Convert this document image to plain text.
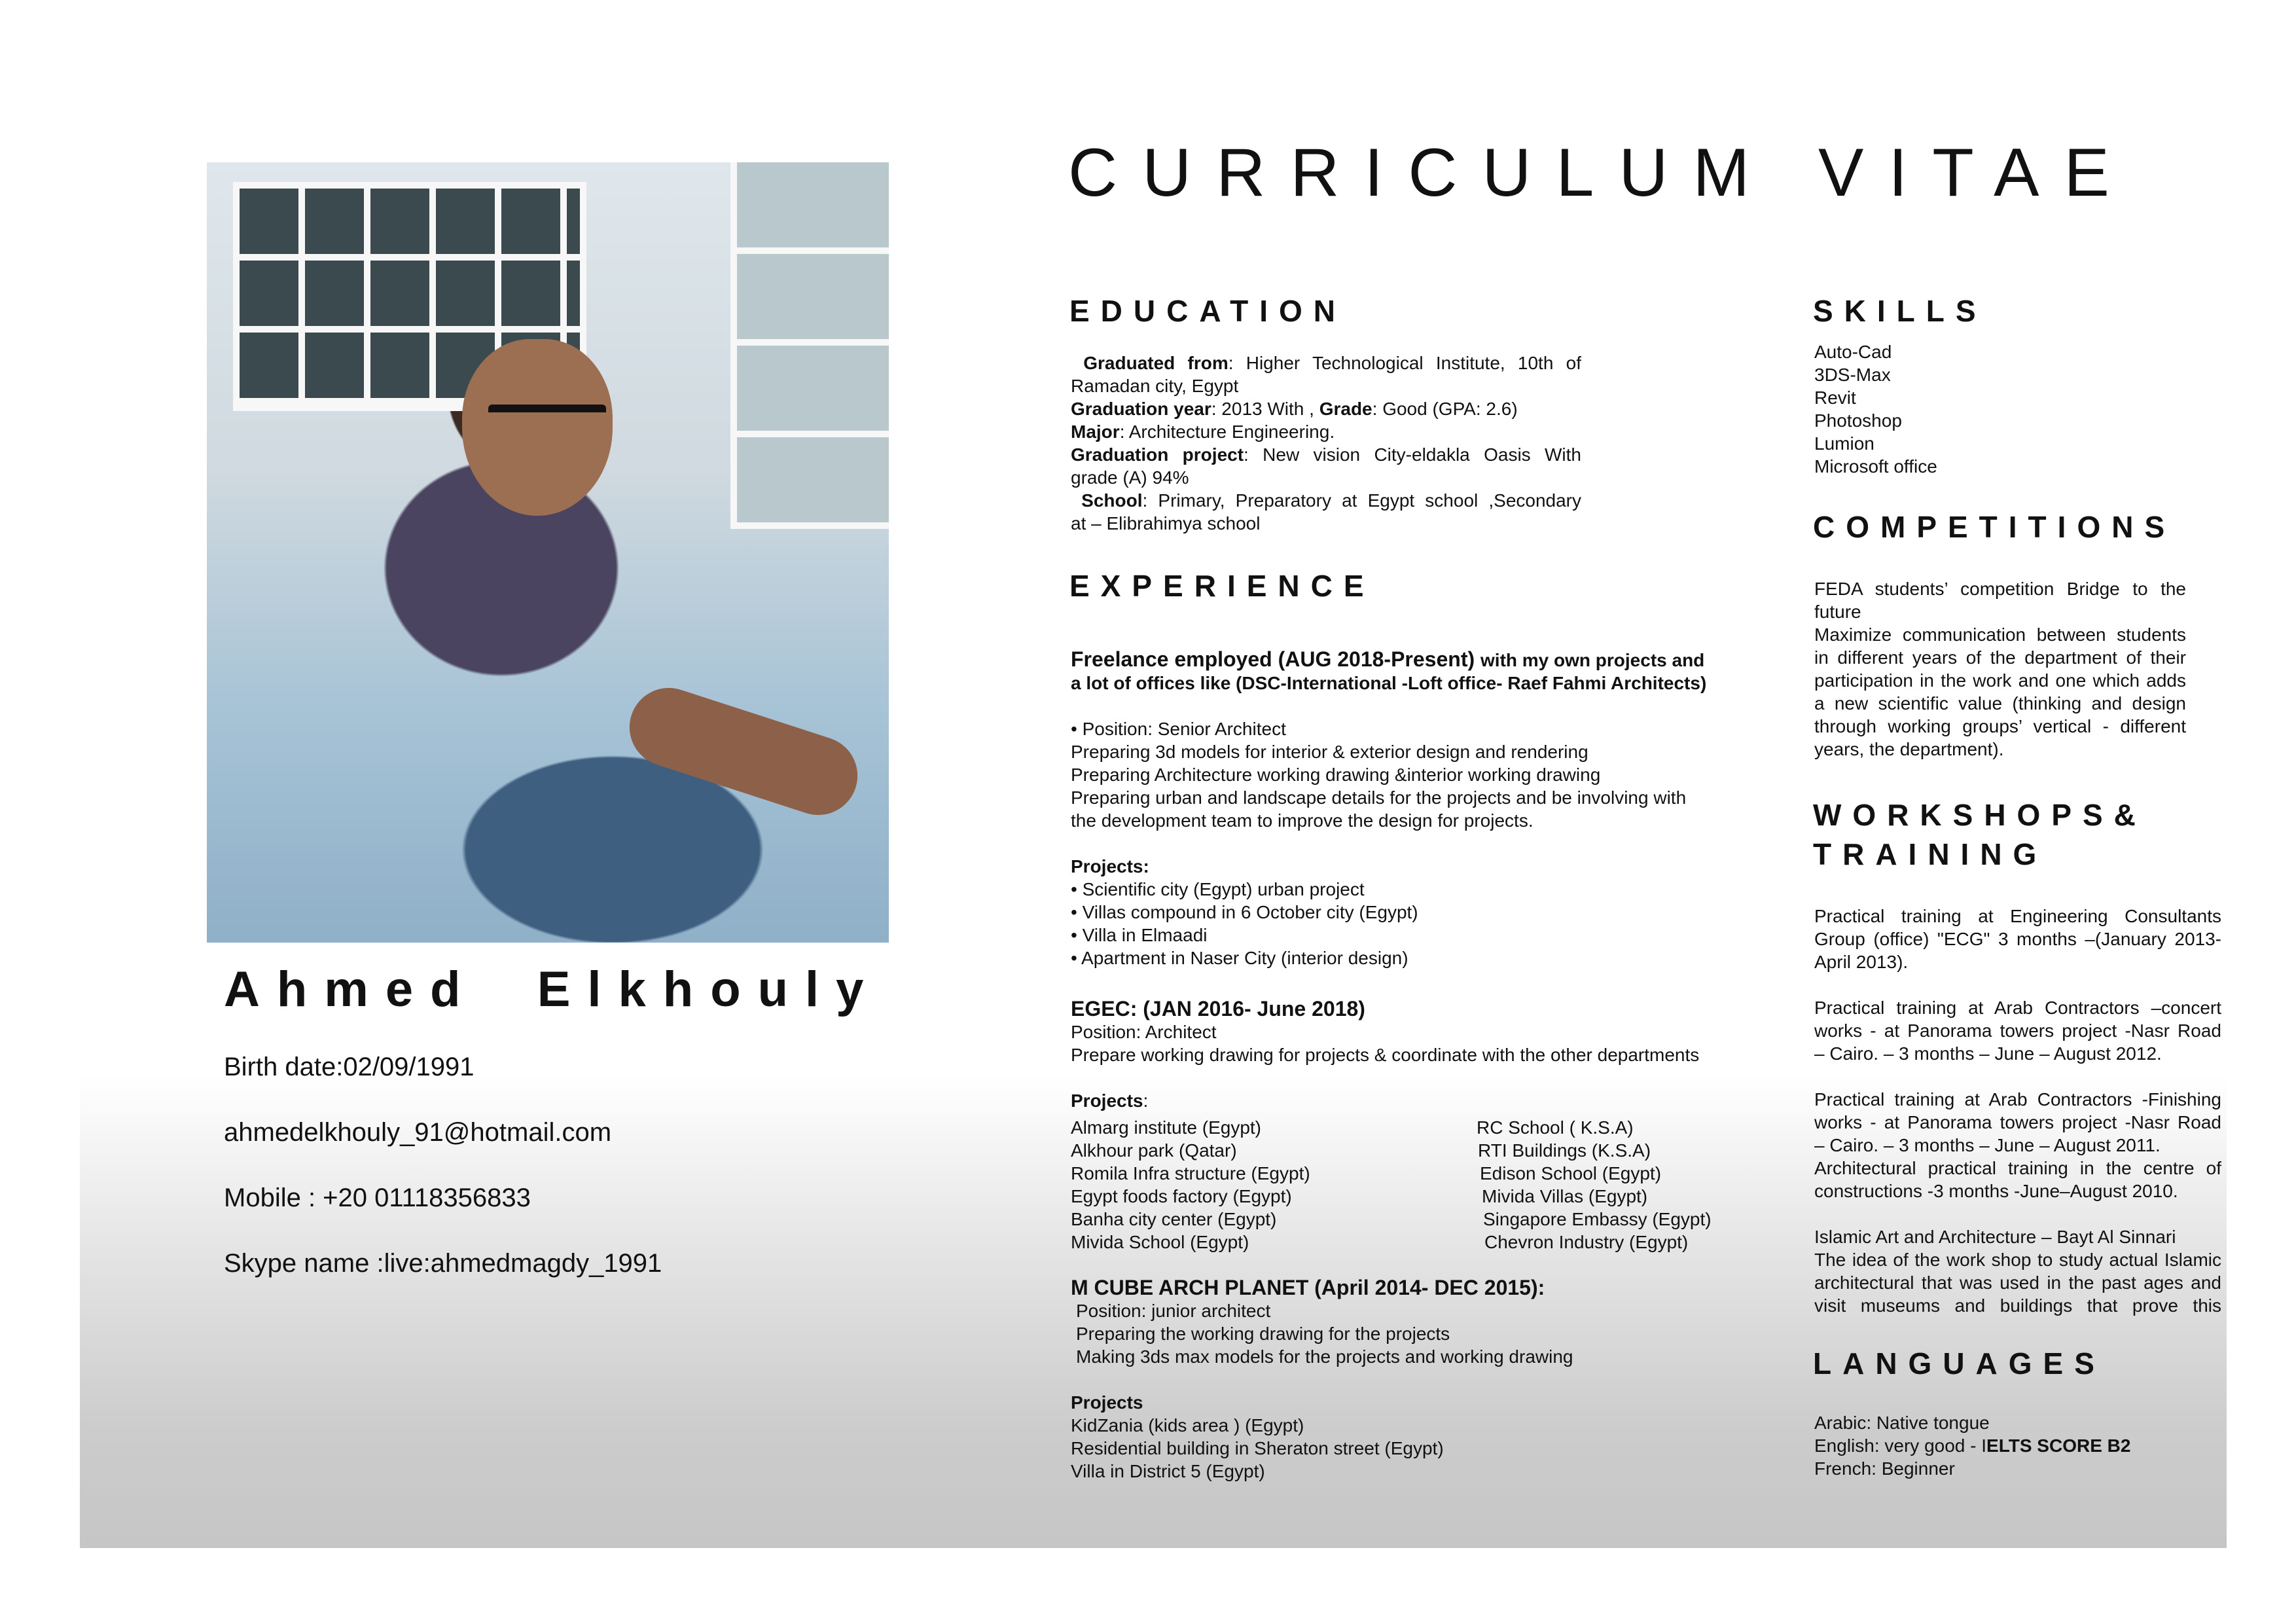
CURRICULUM VITAE
Ahmed Elkhouly
Birth date:02/09/1991
ahmedelkhouly_91@hotmail.com
Mobile : +20 01118356833
Skype name :live:ahmedmagdy_1991
EDUCATION
Graduated from: Higher Technological Institute, 10th of
Ramadan city, Egypt
Graduation year: 2013 With , Grade: Good (GPA: 2.6)
Major: Architecture Engineering.
Graduation project: New vision City-eldakla Oasis With
grade (A) 94%
School: Primary, Preparatory at Egypt school ,Secondary
at – Elibrahimya school
EXPERIENCE
Freelance employed (AUG 2018-Present) with my own projects and
a lot of offices like (DSC-International -Loft office- Raef Fahmi Architects)
• Position: Senior Architect
Preparing 3d models for interior & exterior design and rendering
Preparing Architecture working drawing &interior working drawing
Preparing urban and landscape details for the projects and be involving with
the development team to improve the design for projects.
Projects:
• Scientific city (Egypt) urban project
• Villas compound in 6 October city (Egypt)
• Villa in Elmaadi
• Apartment in Naser City (interior design)
EGEC: (JAN 2016- June 2018)
Position: Architect
Prepare working drawing for projects & coordinate with the other departments
Projects:
Almarg institute (Egypt)
Alkhour park (Qatar)
Romila Infra structure (Egypt)
Egypt foods factory (Egypt)
Banha city center (Egypt)
Mivida School (Egypt)
RC School ( K.S.A)
RTI Buildings (K.S.A)
Edison School (Egypt)
Mivida Villas (Egypt)
Singapore Embassy (Egypt)
Chevron Industry (Egypt)
M CUBE ARCH PLANET (April 2014- DEC 2015):
Position: junior architect
Preparing the working drawing for the projects
Making 3ds max models for the projects and working drawing
Projects
KidZania (kids area ) (Egypt)
Residential building in Sheraton street (Egypt)
Villa in District 5 (Egypt)
SKILLS
Auto-Cad
3DS-Max
Revit
Photoshop
Lumion
Microsoft office
COMPETITIONS
FEDA students’ competition Bridge to the
future
Maximize communication between students
in different years of the department of their
participation in the work and one which adds
a new scientific value (thinking and design
through working groups’ vertical - different
years, the department).
WORKSHOPS&
TRAINING
Practical training at Engineering Consultants
Group (office) "ECG" 3 months –(January 2013-
April 2013).
Practical training at Arab Contractors –concert
works - at Panorama towers project -Nasr Road
– Cairo. – 3 months – June – August 2012.
Practical training at Arab Contractors -Finishing
works - at Panorama towers project -Nasr Road
– Cairo. – 3 months – June – August 2011.
Architectural practical training in the centre of
constructions -3 months -June–August 2010.
Islamic Art and Architecture – Bayt Al Sinnari
The idea of the work shop to study actual Islamic
architectural that was used in the past ages and
visit museums and buildings that prove this
LANGUAGES
Arabic: Native tongue
English: very good - IELTS SCORE B2
French: Beginner
